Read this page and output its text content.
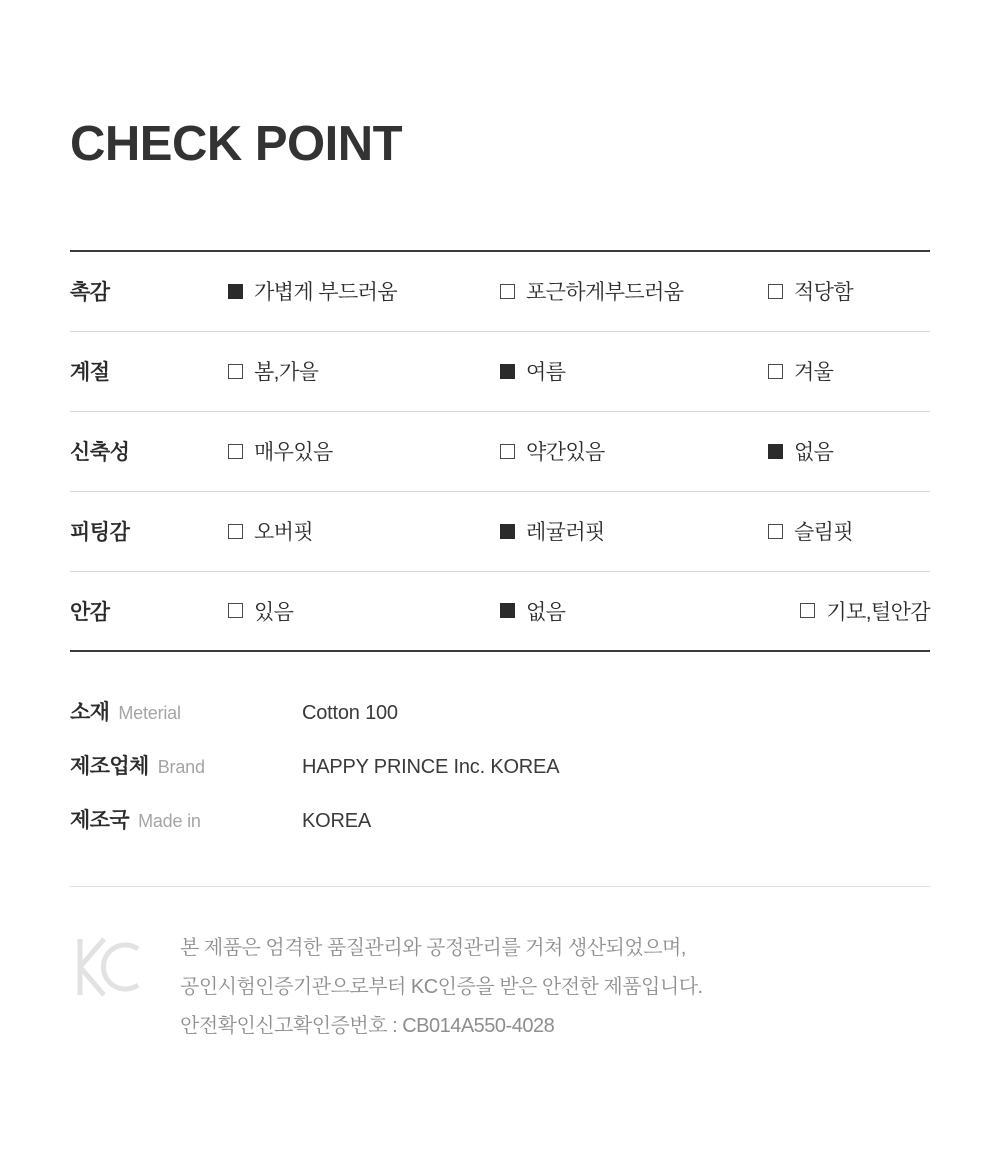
CHECK POINT
촉감	가볍게 부드러움	포근하게부드러움	적당함
계절	봄,가을	여름	겨울
신축성	매우있음	약간있음	없음
피팅감	오버핏	레귤러핏	슬림핏
안감	있음	없음	기모,털안감
소재 Meterial	Cotton 100
제조업체 Brand	HAPPY PRINCE Inc. KOREA
제조국 Made in	KOREA
본 제품은 엄격한 품질관리와 공정관리를 거쳐 생산되었으며,
공인시험인증기관으로부터 KC인증을 받은 안전한 제품입니다.
안전확인신고확인증번호 : CB014A550-4028
